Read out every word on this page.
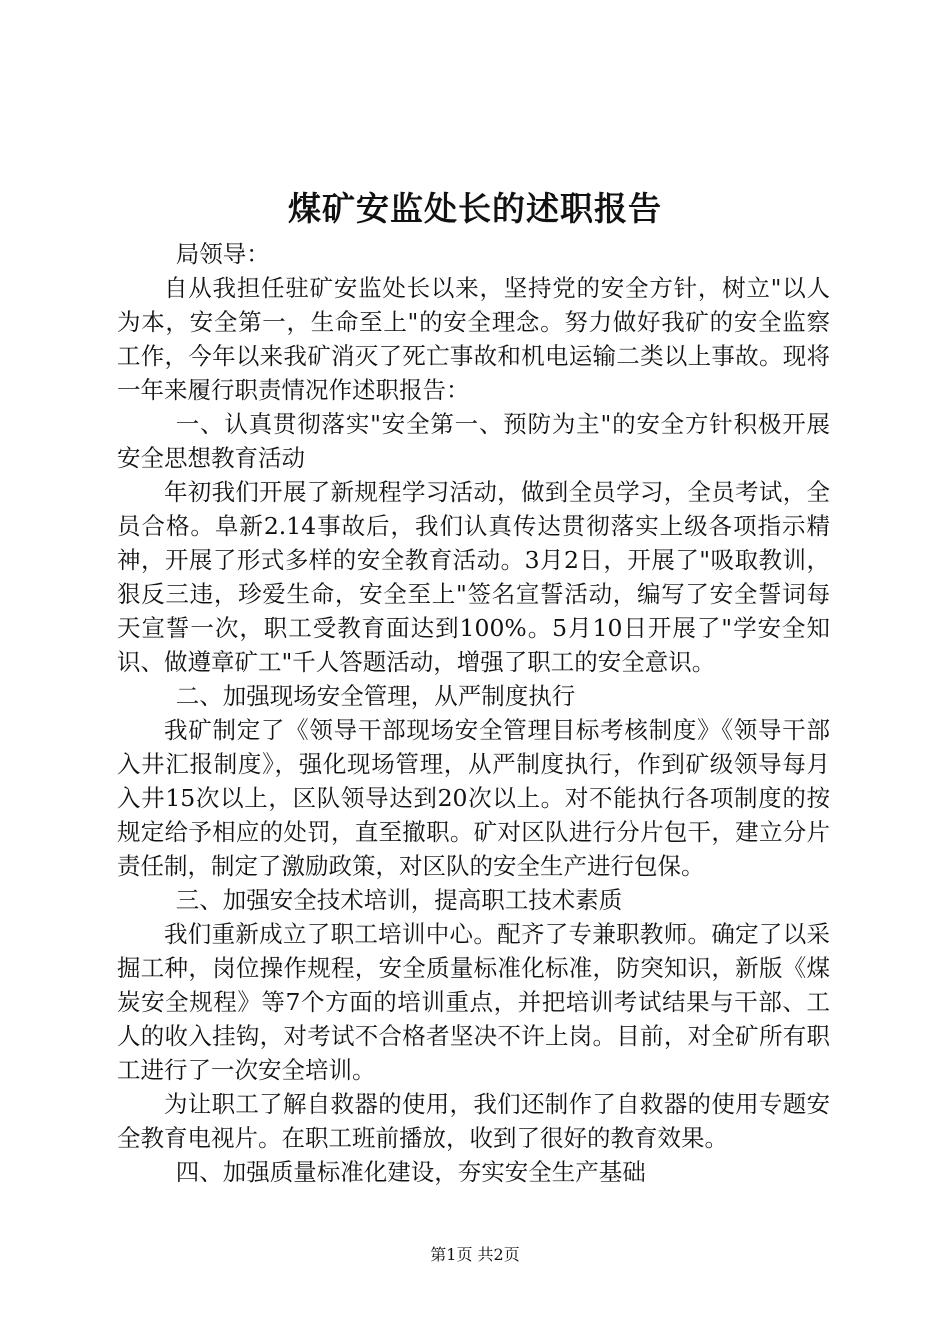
煤矿安监处长的述职报告

局领导：

自从我担任驻矿安监处长以来，坚持党的安全方针，树立"以人为本，安全第一，生命至上"的安全理念。努力做好我矿的安全监察工作，今年以来我矿消灭了死亡事故和机电运输二类以上事故。现将一年来履行职责情况作述职报告：

一、认真贯彻落实"安全第一、预防为主"的安全方针积极开展安全思想教育活动

年初我们开展了新规程学习活动，做到全员学习，全员考试，全员合格。阜新2.14事故后，我们认真传达贯彻落实上级各项指示精神，开展了形式多样的安全教育活动。3月2日，开展了"吸取教训，狠反三违，珍爱生命，安全至上"签名宣誓活动，编写了安全誓词每天宣誓一次，职工受教育面达到100%。5月10日开展了"学安全知识、做遵章矿工"千人答题活动，增强了职工的安全意识。

二、加强现场安全管理，从严制度执行

我矿制定了《领导干部现场安全管理目标考核制度》《领导干部入井汇报制度》，强化现场管理，从严制度执行，作到矿级领导每月入井15次以上，区队领导达到20次以上。对不能执行各项制度的按规定给予相应的处罚，直至撤职。矿对区队进行分片包干，建立分片责任制，制定了激励政策，对区队的安全生产进行包保。

三、加强安全技术培训，提高职工技术素质

我们重新成立了职工培训中心。配齐了专兼职教师。确定了以采掘工种，岗位操作规程，安全质量标准化标准，防突知识，新版《煤炭安全规程》等7个方面的培训重点，并把培训考试结果与干部、工人的收入挂钩，对考试不合格者坚决不许上岗。目前，对全矿所有职工进行了一次安全培训。

为让职工了解自救器的使用，我们还制作了自救器的使用专题安全教育电视片。在职工班前播放，收到了很好的教育效果。

四、加强质量标准化建设，夯实安全生产基础

第1页 共2页
